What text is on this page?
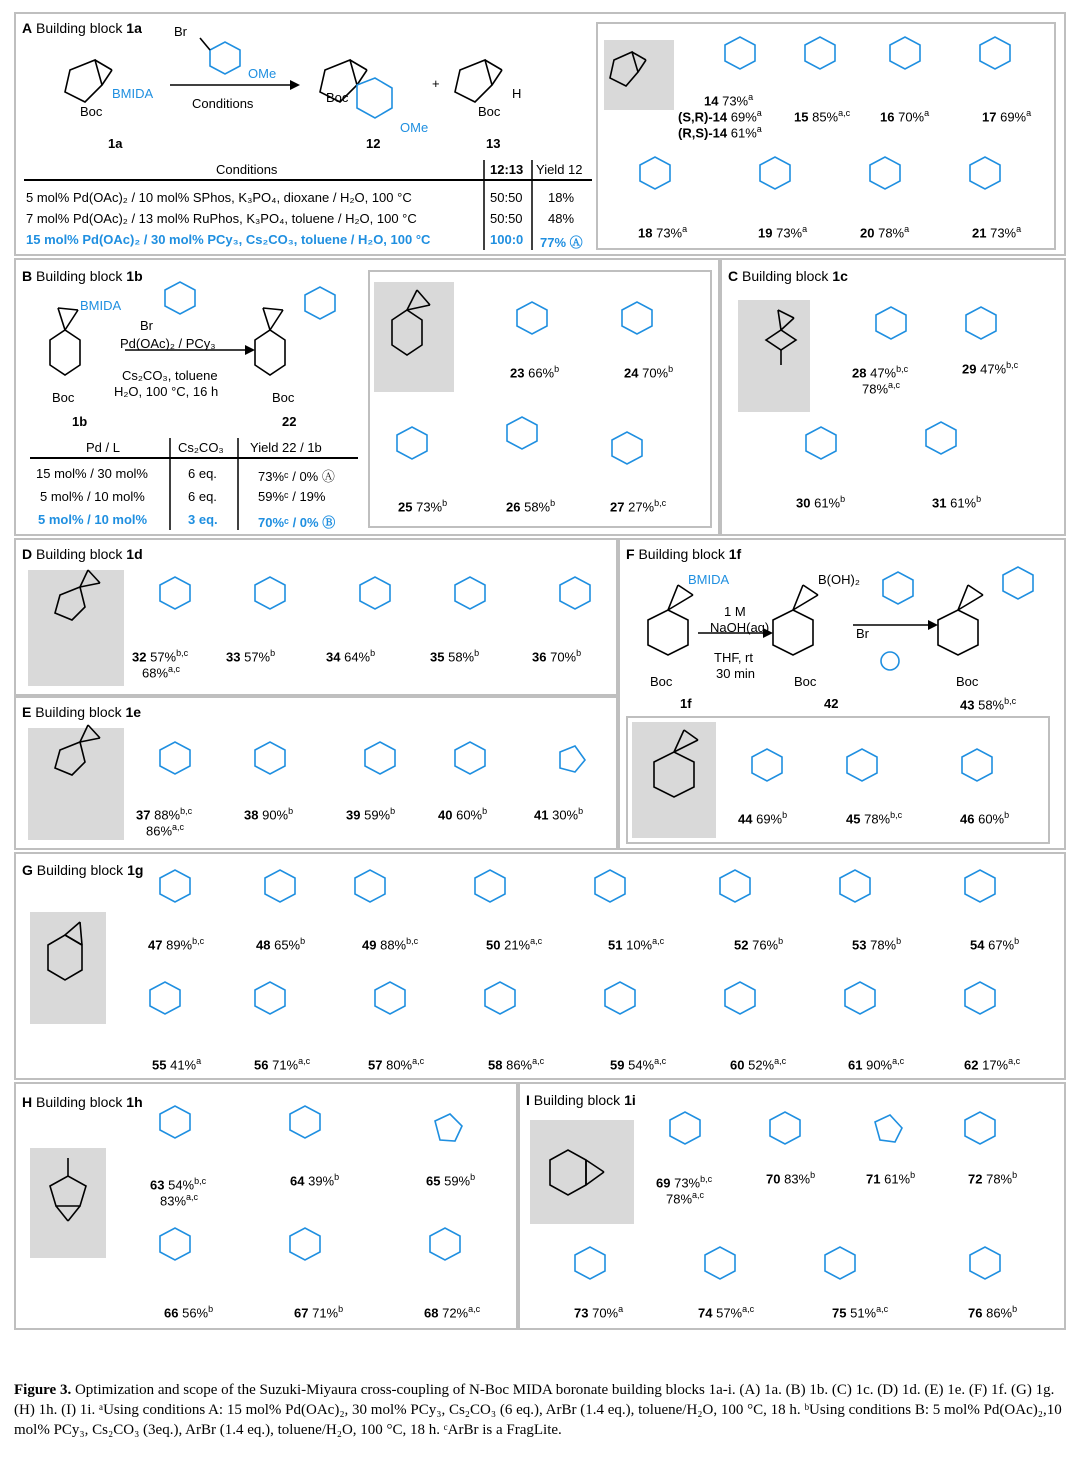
A Building block 1a Br
OMe
Conditions
+
BMIDA
Boc
Boc
OMe
Boc
H
1a	12	13
Conditions	12:13 Yield 12
5 mol% Pd(OAc)₂ / 10 mol% SPhos, K₃PO₄, dioxane / H₂O, 100 °C	50:50 18%
7 mol% Pd(OAc)₂ / 13 mol% RuPhos, K₃PO₄, toluene / H₂O, 100 °C	50:50 48%
15 mol% Pd(OAc)₂ / 30 mol% PCy₃, Cs₂CO₃, toluene / H₂O, 100 °C	100:0 77% Ⓐ
14 73%$^a$
(S,R)-14 69%$^a$
(R,S)-14 61%$^a$
15 85%$^{a,c}$ 16 70%$^a$	17 69%$^a$
18 73%$^a$	19 73%$^a$	20 78%$^a$	21 73%$^a$
B Building block 1b
BMIDA
Br
Pd(OAc)₂ / PCy₃
Cs₂CO₃, toluene
H₂O, 100 °C, 16 h
Boc	Boc
1b	22
Pd / L	Cs₂CO₃ Yield 22 / 1b
15 mol% / 30 mol%	6 eq.	73%ᶜ / 0% Ⓐ
5 mol% / 10 mol%	6 eq.	59%ᶜ / 19%
5 mol% / 10 mol%	3 eq.	70%ᶜ / 0% Ⓑ
23 66%$^b$	24 70%$^b$
25 73%$^b$	26 58%$^b$	27 27%$^{b,c}$
C Building block 1c
28 47%$^{b,c}$
78%$^{a,c}$
29 47%$^{b,c}$
30 61%$^b$	31 61%$^b$
D Building block 1d
32 57%$^{b,c}$
68%$^{a,c}$
33 57%$^b$	34 64%$^b$	35 58%$^b$	36 70%$^b$
E Building block 1e
37 88%$^{b,c}$
86%$^{a,c}$
38 90%$^b$	39 59%$^b$	40 60%$^b$	41 30%$^b$
F Building block 1f
BMIDA
1 M
NaOH(aq)
THF, rt
30 min
B(OH)₂
Br
Boc	Boc	Boc
1f	42	43 58%$^{b,c}$
44 69%$^b$	45 78%$^{b,c}$	46 60%$^b$
G Building block 1g
47 89%$^{b,c}$	48 65%$^b$	49 88%$^{b,c}$	50 21%$^{a,c}$	51 10%$^{a,c}$	52 76%$^b$	53 78%$^b$	54 67%$^b$
55 41%$^a$	56 71%$^{a,c}$	57 80%$^{a,c}$	58 86%$^{a,c}$	59 54%$^{a,c}$	60 52%$^{a,c}$	61 90%$^{a,c}$	62 17%$^{a,c}$
H Building block 1h
63 54%$^{b,c}$
83%$^{a,c}$
64 39%$^b$	65 59%$^b$
66 56%$^b$	67 71%$^b$	68 72%$^{a,c}$
I Building block 1i
69 73%$^{b,c}$
78%$^{a,c}$
70 83%$^b$	71 61%$^b$	72 78%$^b$
73 70%$^a$	74 57%$^{a,c}$	75 51%$^{a,c}$	76 86%$^b$
Figure 3. Optimization and scope of the Suzuki-Miyaura cross-coupling of N-Boc MIDA boronate building blocks 1a-i. (A) 1a. (B) 1b. (C) 1c. (D) 1d. (E) 1e. (F) 1f. (G) 1g. (H) 1h. (I) 1i. ᵃUsing conditions A: 15 mol% Pd(OAc)₂, 30 mol% PCy₃, Cs₂CO₃ (6 eq.), ArBr (1.4 eq.), toluene/H₂O, 100 °C, 18 h. ᵇUsing conditions B: 5 mol% Pd(OAc)₂,10 mol% PCy₃, Cs₂CO₃ (3eq.), ArBr (1.4 eq.), toluene/H₂O, 100 °C, 18 h. ᶜArBr is a FragLite.
